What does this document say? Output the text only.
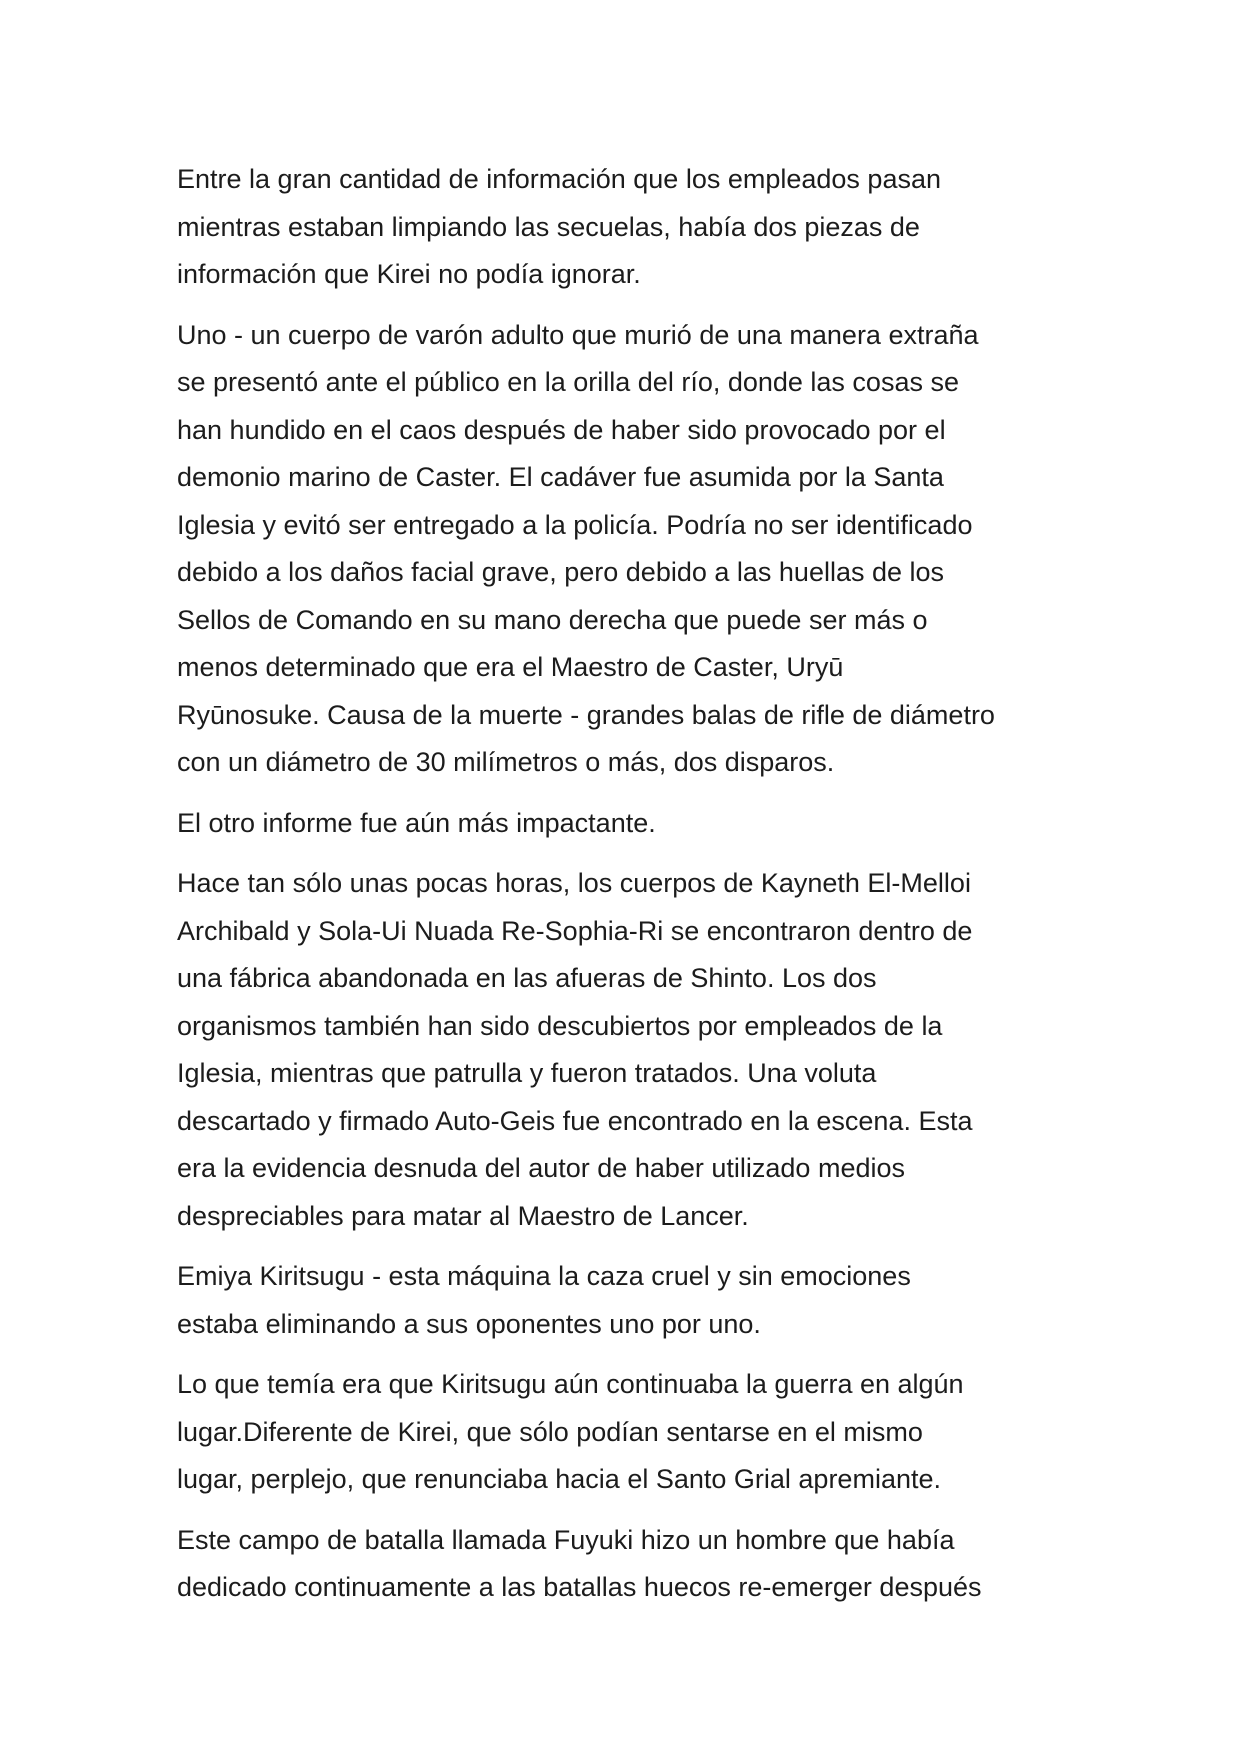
Entre la gran cantidad de información que los empleados pasan
mientras estaban limpiando las secuelas, había dos piezas de
información que Kirei no podía ignorar.

Uno - un cuerpo de varón adulto que murió de una manera extraña
se presentó ante el público en la orilla del río, donde las cosas se
han hundido en el caos después de haber sido provocado por el
demonio marino de Caster. El cadáver fue asumida por la Santa
Iglesia y evitó ser entregado a la policía. Podría no ser identificado
debido a los daños facial grave, pero debido a las huellas de los
Sellos de Comando en su mano derecha que puede ser más o
menos determinado que era el Maestro de Caster, Uryū
Ryūnosuke. Causa de la muerte - grandes balas de rifle de diámetro
con un diámetro de 30 milímetros o más, dos disparos.

El otro informe fue aún más impactante.

Hace tan sólo unas pocas horas, los cuerpos de Kayneth El-Melloi
Archibald y Sola-Ui Nuada Re-Sophia-Ri se encontraron dentro de
una fábrica abandonada en las afueras de Shinto. Los dos
organismos también han sido descubiertos por empleados de la
Iglesia, mientras que patrulla y fueron tratados. Una voluta
descartado y firmado Auto-Geis fue encontrado en la escena. Esta
era la evidencia desnuda del autor de haber utilizado medios
despreciables para matar al Maestro de Lancer.

Emiya Kiritsugu - esta máquina la caza cruel y sin emociones
estaba eliminando a sus oponentes uno por uno.

Lo que temía era que Kiritsugu aún continuaba la guerra en algún
lugar.Diferente de Kirei, que sólo podían sentarse en el mismo
lugar, perplejo, que renunciaba hacia el Santo Grial apremiante.

Este campo de batalla llamada Fuyuki hizo un hombre que había
dedicado continuamente a las batallas huecos re-emerger después
